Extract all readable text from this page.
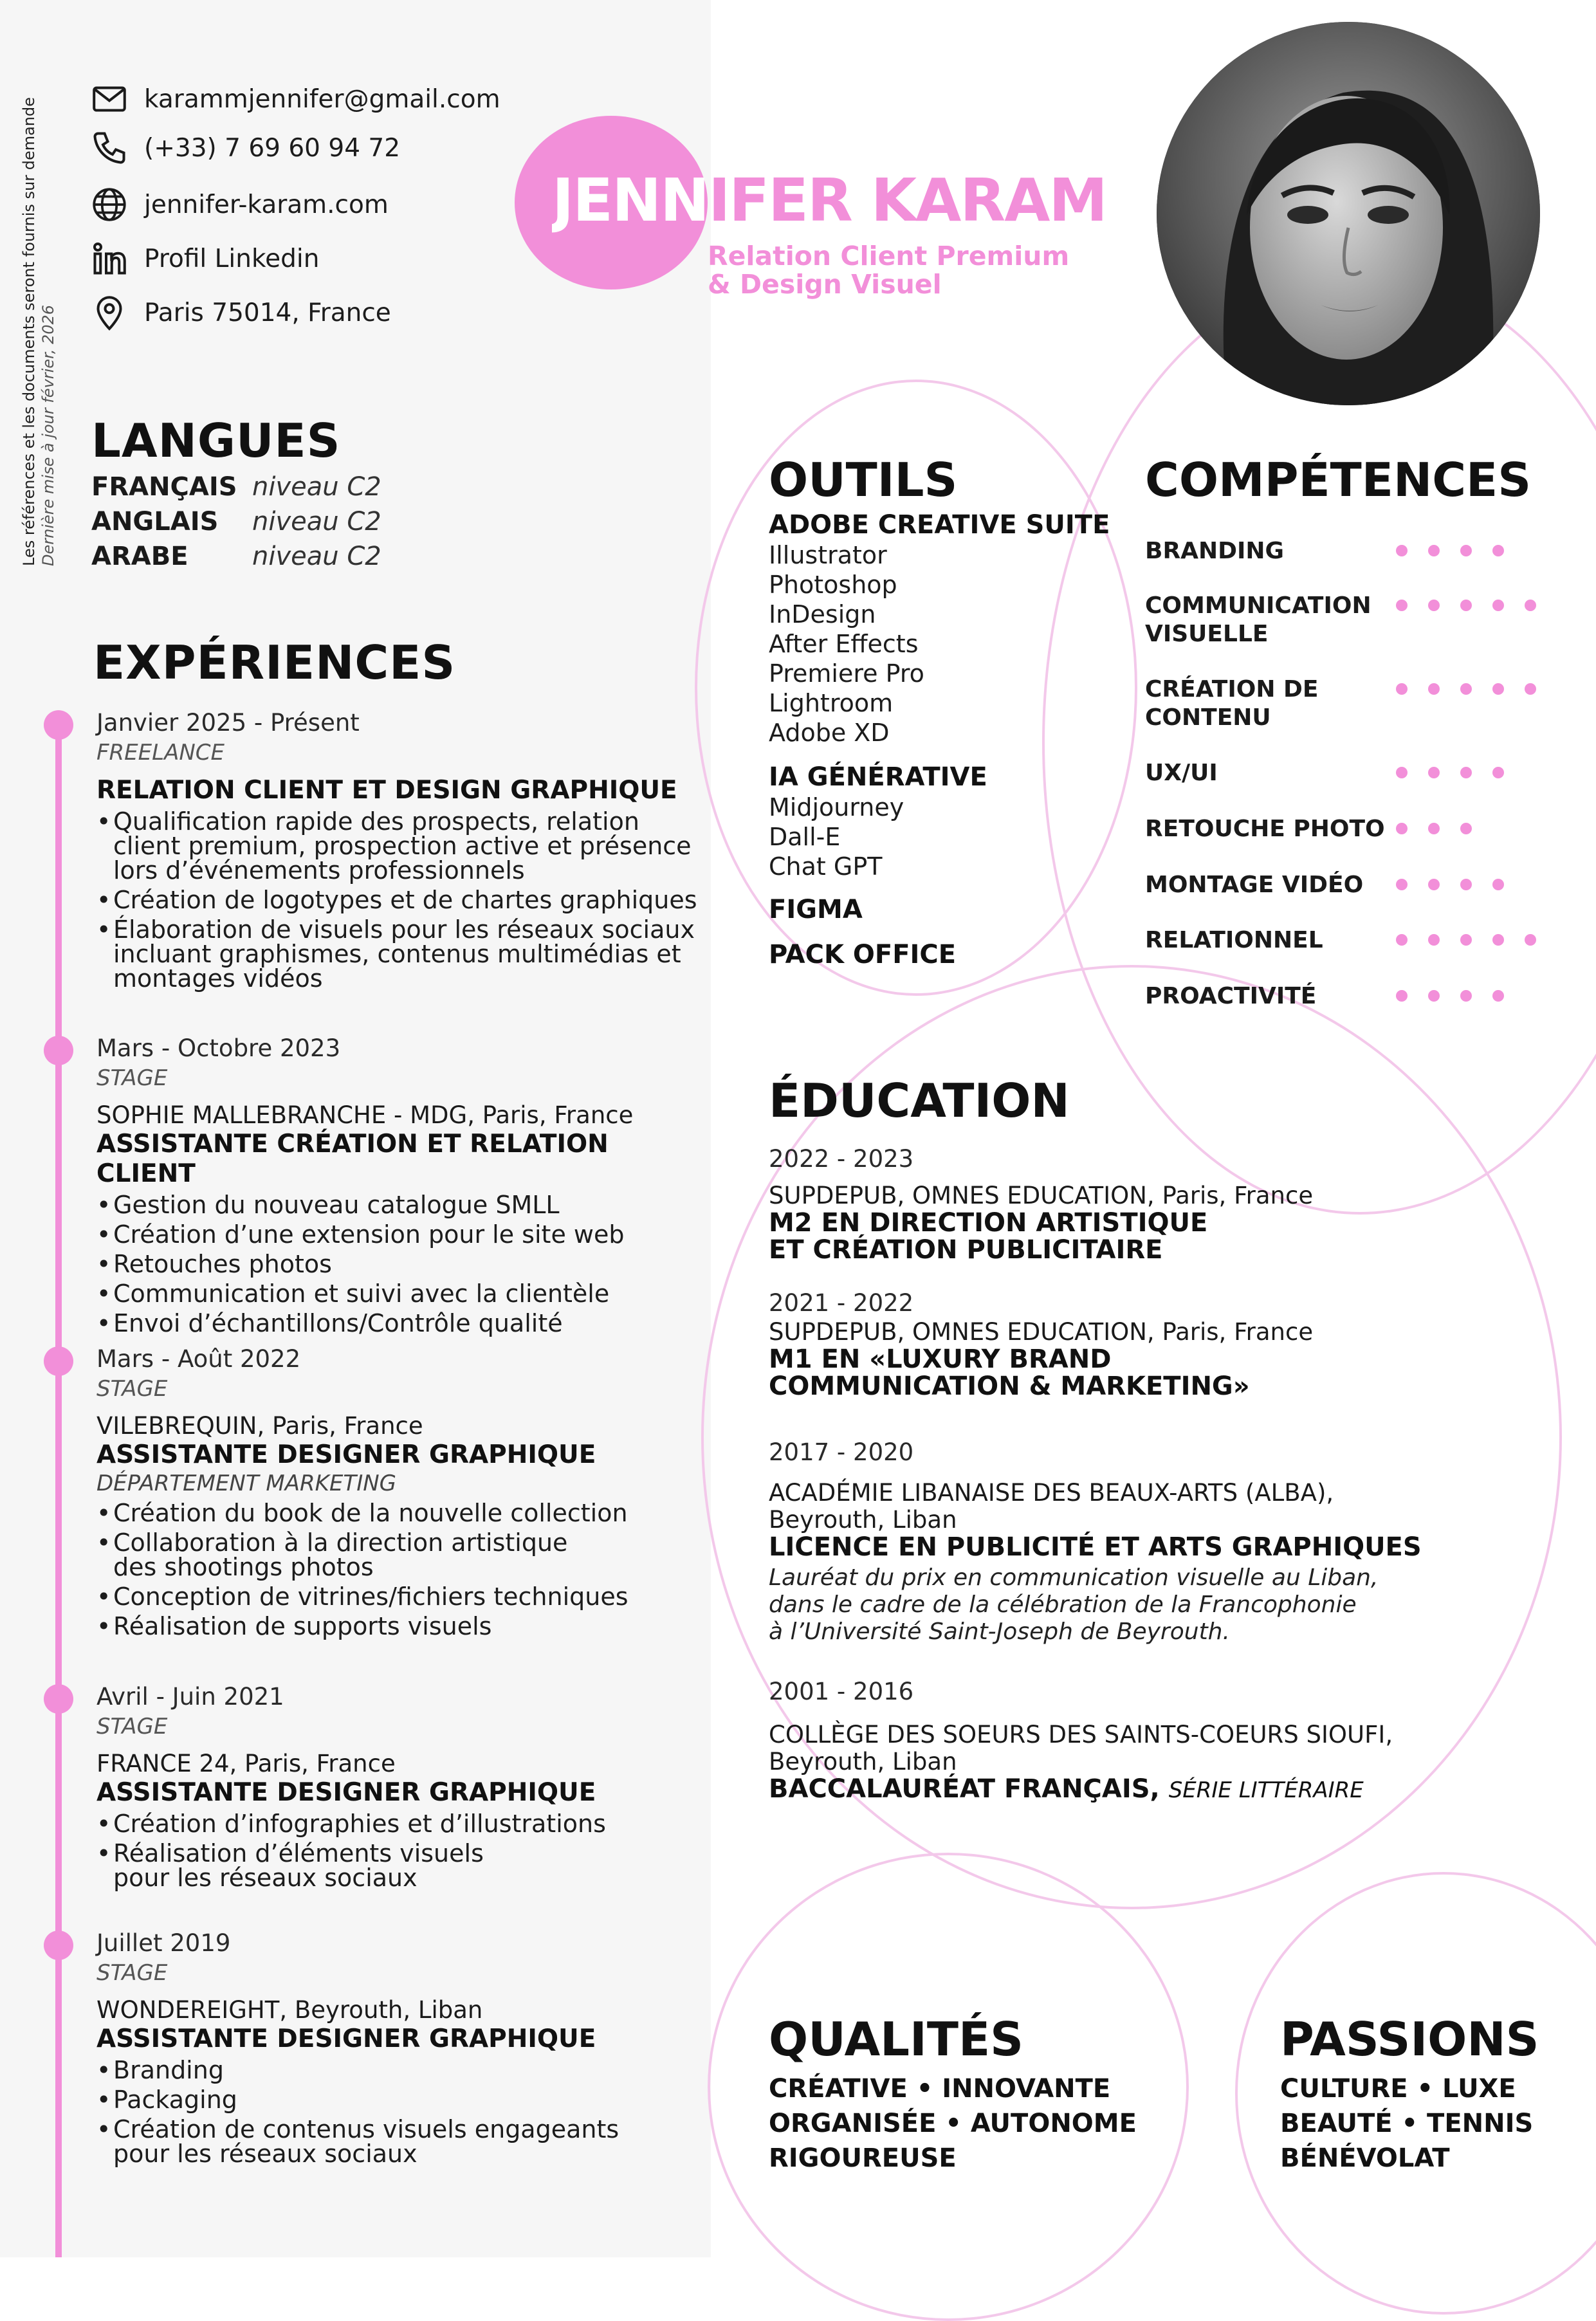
Les références et les documents seront fournis sur demande Dernière mise à jour février, 2026
karammjennifer@gmail.com
(+33) 7 69 60 94 72
jennifer-karam.com
Profil Linkedin
Paris 75014, France
JENNIFER KARAM
Relation Client Premium
& Design Visuel
LANGUES
FRANÇAIS niveau C2
ANGLAIS	niveau C2
ARABE	niveau C2
EXPÉRIENCES
Janvier 2025 - Présent
FREELANCE
RELATION CLIENT ET DESIGN GRAPHIQUE
• Qualification rapide des prospects, relation client premium, prospection active et présence lors d’événements professionnels
• Création de logotypes et de chartes graphiques
• Élaboration de visuels pour les réseaux sociaux incluant graphismes, contenus multimédias et montages vidéos
Mars - Octobre 2023
STAGE
SOPHIE MALLEBRANCHE - MDG, Paris, France
ASSISTANTE CRÉATION ET RELATION CLIENT
• Gestion du nouveau catalogue SMLL
• Création d’une extension pour le site web
• Retouches photos
• Communication et suivi avec la clientèle
• Envoi d’échantillons/Contrôle qualité
Mars - Août 2022
STAGE
VILEBREQUIN, Paris, France
ASSISTANTE DESIGNER GRAPHIQUE
DÉPARTEMENT MARKETING
• Création du book de la nouvelle collection
• Collaboration à la direction artistique des shootings photos
• Conception de vitrines/fichiers techniques
• Réalisation de supports visuels
Avril - Juin 2021
STAGE
FRANCE 24, Paris, France
ASSISTANTE DESIGNER GRAPHIQUE
• Création d’infographies et d’illustrations
• Réalisation d’éléments visuels pour les réseaux sociaux
Juillet 2019
STAGE
WONDEREIGHT, Beyrouth, Liban
ASSISTANTE DESIGNER GRAPHIQUE
• Branding
• Packaging
• Création de contenus visuels engageants pour les réseaux sociaux
OUTILS
ADOBE CREATIVE SUITE
Illustrator
Photoshop
InDesign
After Effects
Premiere Pro
Lightroom
Adobe XD
IA GÉNÉRATIVE
Midjourney
Dall-E
Chat GPT
FIGMA
PACK OFFICE
COMPÉTENCES
BRANDING
COMMUNICATION VISUELLE
CRÉATION DE CONTENU
UX/UI
RETOUCHE PHOTO
MONTAGE VIDÉO
RELATIONNEL
PROACTIVITÉ
ÉDUCATION
2022 - 2023
SUPDEPUB, OMNES EDUCATION, Paris, France
M2 EN DIRECTION ARTISTIQUE
ET CRÉATION PUBLICITAIRE
2021 - 2022
SUPDEPUB, OMNES EDUCATION, Paris, France
M1 EN «LUXURY BRAND
COMMUNICATION & MARKETING»
2017 - 2020
ACADÉMIE LIBANAISE DES BEAUX-ARTS (ALBA),
Beyrouth, Liban
LICENCE EN PUBLICITÉ ET ARTS GRAPHIQUES
Lauréat du prix en communication visuelle au Liban,
dans le cadre de la célébration de la Francophonie
à l’Université Saint-Joseph de Beyrouth.
2001 - 2016
COLLÈGE DES SOEURS DES SAINTS-COEURS SIOUFI,
Beyrouth, Liban
BACCALAURÉAT FRANÇAIS, SÉRIE LITTÉRAIRE
QUALITÉS
CRÉATIVE • INNOVANTE
ORGANISÉE • AUTONOME
RIGOUREUSE
PASSIONS
CULTURE • LUXE
BEAUTÉ • TENNIS
BÉNÉVOLAT
